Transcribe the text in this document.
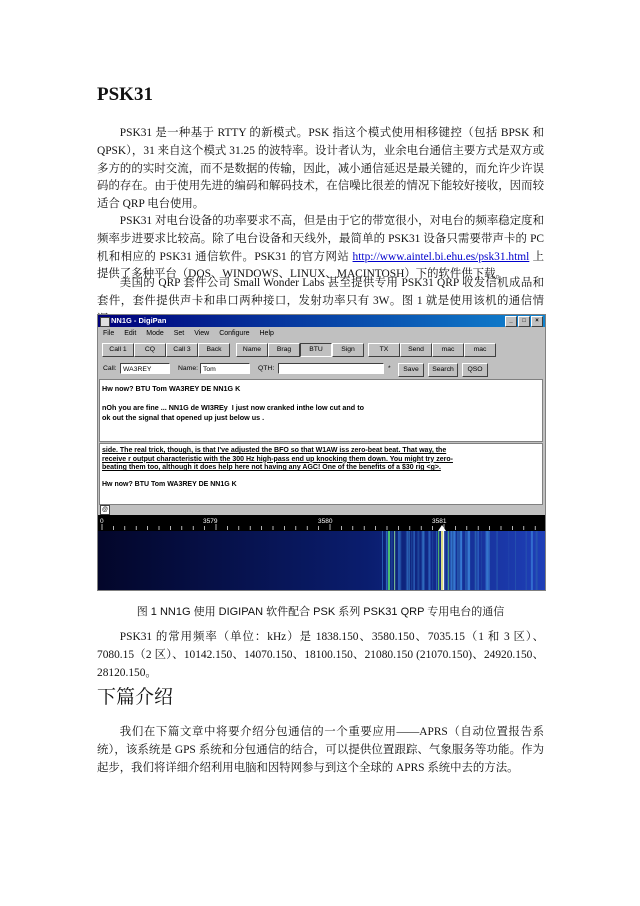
PSK31

PSK31 是一种基于 RTTY 的新模式。PSK 指这个模式使用相移键控（包括 BPSK 和 QPSK），31 来自这个模式 31.25 的波特率。设计者认为，业余电台通信主要方式是双方或多方的的实时交流，而不是数据的传输，因此，减小通信延迟是最关键的，而允许少许误码的存在。由于使用先进的编码和解码技术，在信噪比很差的情况下能较好接收，因而较适合 QRP 电台使用。

PSK31 对电台设备的功率要求不高，但是由于它的带宽很小，对电台的频率稳定度和频率步进要求比较高。除了电台设备和天线外，最简单的 PSK31 设备只需要带声卡的 PC 机和相应的 PSK31 通信软件。PSK31 的官方网站 http://www.aintel.bi.ehu.es/psk31.html 上提供了多种平台（DOS、WINDOWS、LINUX、MACINTOSH）下的软件供下载。

美国的 QRP 套件公司 Small Wonder Labs 甚至提供专用 PSK31 QRP 收发信机成品和套件，套件提供声卡和串口两种接口，发射功率只有 3W。图 1 就是使用该机的通信情

NN1G - DigiPan	_ □ ×
File Edit Mode Set View Configure Help
Call 1	CQ	Call 3	Back	Name	Brag	BTU	Sign	TX	Send	mac	mac
Call: WA3REY	Name: Tom	QTH:	*	Save	Search	QSO
Hw now? BTU Tom WA3REY DE NN1G K

nOh you are fine ... NN1G de WI3REy  I just now cranked inthe low cut and to
ok out the signal that opened up just below us .
side. The real trick, though, is that I've adjusted the BFO so that W1AW iss zero-beat beat. That way, the
receive r output characteristic with the 300 Hz high-pass end up knocking them down. You might try zero-
beating them too, although it does help here not having any AGC! One of the benefits of a $30 rig <g>.
Hw now? BTU Tom WA3REY DE NN1G K
@
0	3579	3580	3581

图 1 NN1G 使用 DIGIPAN 软件配合 PSK 系列 PSK31 QRP 专用电台的通信

PSK31 的常用频率（单位：kHz）是 1838.150、3580.150、7035.15（1 和 3 区）、7080.15（2 区）、10142.150、14070.150、18100.150、21080.150 (21070.150)、24920.150、28120.150。

下篇介绍

我们在下篇文章中将要介绍分包通信的一个重要应用——APRS（自动位置报告系统），该系统是 GPS 系统和分包通信的结合，可以提供位置跟踪、气象服务等功能。作为起步，我们将详细介绍利用电脑和因特网参与到这个全球的 APRS 系统中去的方法。
